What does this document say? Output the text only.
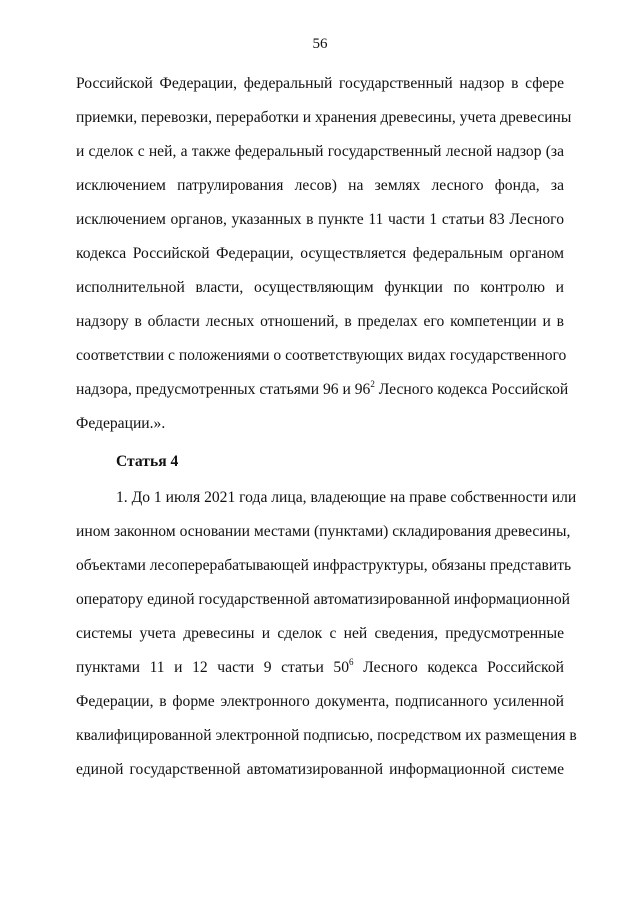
56
Российской Федерации, федеральный государственный надзор в сфере
приемки, перевозки, переработки и хранения древесины, учета древесины
и сделок с ней, а также федеральный государственный лесной надзор (за
исключением патрулирования лесов) на землях лесного фонда, за
исключением органов, указанных в пункте 11 части 1 статьи 83 Лесного
кодекса Российской Федерации, осуществляется федеральным органом
исполнительной власти, осуществляющим функции по контролю и
надзору в области лесных отношений, в пределах его компетенции и в
соответствии с положениями о соответствующих видах государственного
надзора, предусмотренных статьями 96 и $96^2$ Лесного кодекса Российской
Федерации.».
Статья 4
1. До 1 июля 2021 года лица, владеющие на праве собственности или
ином законном основании местами (пунктами) складирования древесины,
объектами лесоперерабатывающей инфраструктуры, обязаны представить
оператору единой государственной автоматизированной информационной
системы учета древесины и сделок с ней сведения, предусмотренные
пунктами 11 и 12 части 9 статьи $50^6$ Лесного кодекса Российской
Федерации, в форме электронного документа, подписанного усиленной
квалифицированной электронной подписью, посредством их размещения в
единой государственной автоматизированной информационной системе
